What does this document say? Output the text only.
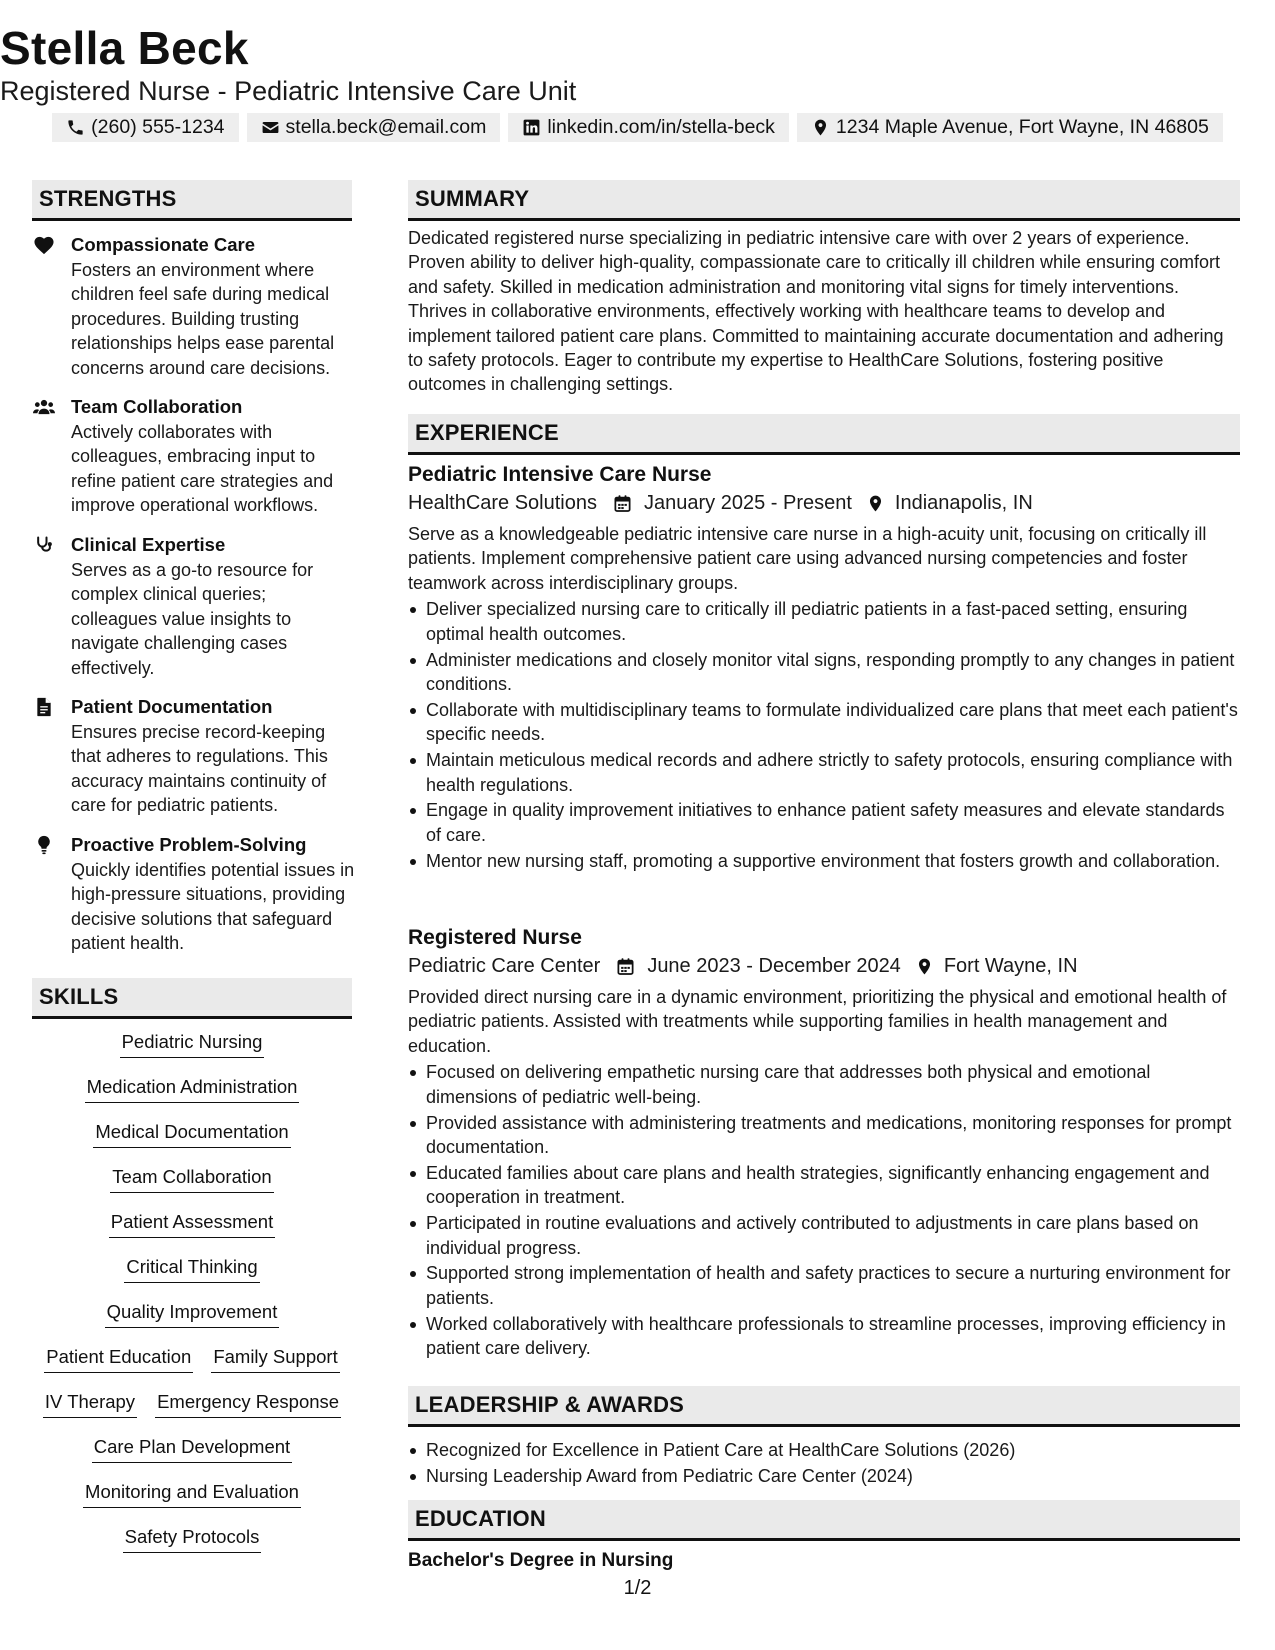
Stella Beck
Registered Nurse - Pediatric Intensive Care Unit
(260) 555-1234	stella.beck@email.com	linkedin.com/in/stella-beck	1234 Maple Avenue, Fort Wayne, IN 46805
STRENGTHS
Compassionate Care
Fosters an environment where children feel safe during medical procedures. Building trusting relationships helps ease parental concerns around care decisions.
Team Collaboration
Actively collaborates with colleagues, embracing input to refine patient care strategies and improve operational workflows.
Clinical Expertise
Serves as a go-to resource for complex clinical queries; colleagues value insights to navigate challenging cases effectively.
Patient Documentation
Ensures precise record-keeping that adheres to regulations. This accuracy maintains continuity of care for pediatric patients.
Proactive Problem-Solving
Quickly identifies potential issues in high-pressure situations, providing decisive solutions that safeguard patient health.
SKILLS
Pediatric Nursing
Medication Administration
Medical Documentation
Team Collaboration
Patient Assessment
Critical Thinking
Quality Improvement
Patient Education Family Support
IV Therapy Emergency Response
Care Plan Development
Monitoring and Evaluation
Safety Protocols
SUMMARY
Dedicated registered nurse specializing in pediatric intensive care with over 2 years of experience. Proven ability to deliver high-quality, compassionate care to critically ill children while ensuring comfort and safety. Skilled in medication administration and monitoring vital signs for timely interventions. Thrives in collaborative environments, effectively working with healthcare teams to develop and implement tailored patient care plans. Committed to maintaining accurate documentation and adhering to safety protocols. Eager to contribute my expertise to HealthCare Solutions, fostering positive outcomes in challenging settings.
EXPERIENCE
Pediatric Intensive Care Nurse
HealthCare Solutions January 2025 - Present Indianapolis, IN
Serve as a knowledgeable pediatric intensive care nurse in a high-acuity unit, focusing on critically ill patients. Implement comprehensive patient care using advanced nursing competencies and foster teamwork across interdisciplinary groups.
Deliver specialized nursing care to critically ill pediatric patients in a fast-paced setting, ensuring optimal health outcomes.
Administer medications and closely monitor vital signs, responding promptly to any changes in patient conditions.
Collaborate with multidisciplinary teams to formulate individualized care plans that meet each patient's specific needs.
Maintain meticulous medical records and adhere strictly to safety protocols, ensuring compliance with health regulations.
Engage in quality improvement initiatives to enhance patient safety measures and elevate standards of care.
Mentor new nursing staff, promoting a supportive environment that fosters growth and collaboration.
Registered Nurse
Pediatric Care Center June 2023 - December 2024 Fort Wayne, IN
Provided direct nursing care in a dynamic environment, prioritizing the physical and emotional health of pediatric patients. Assisted with treatments while supporting families in health management and education.
Focused on delivering empathetic nursing care that addresses both physical and emotional dimensions of pediatric well-being.
Provided assistance with administering treatments and medications, monitoring responses for prompt documentation.
Educated families about care plans and health strategies, significantly enhancing engagement and cooperation in treatment.
Participated in routine evaluations and actively contributed to adjustments in care plans based on individual progress.
Supported strong implementation of health and safety practices to secure a nurturing environment for patients.
Worked collaboratively with healthcare professionals to streamline processes, improving efficiency in patient care delivery.
LEADERSHIP & AWARDS
Recognized for Excellence in Patient Care at HealthCare Solutions (2026)
Nursing Leadership Award from Pediatric Care Center (2024)
EDUCATION
Bachelor's Degree in Nursing
1/2
